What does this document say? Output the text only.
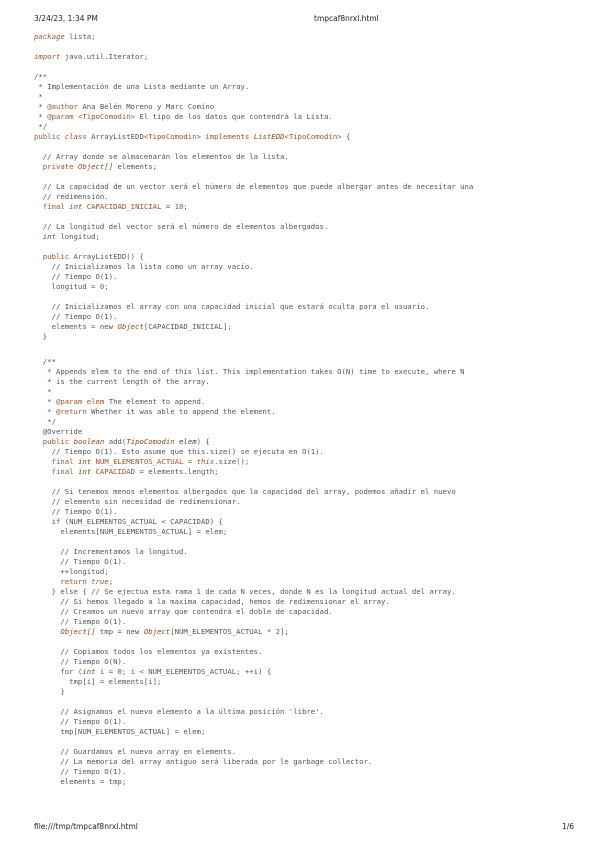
3/24/23, 1:34 PM	tmpcaf8nrxl.html
package lista;
import java.util.Iterator;
/**
* Implementación de una Lista mediante un Array.
*
* @author Ana Belén Moreno y Marc Comino
* @param <TipoComodin> El tipo de los datos que contendrá la Lista.
*/
public class ArrayListEDD<TipoComodin> implements ListEDD<TipoComodin> {
// Array donde se almacenarán los elementos de la lista.
private Object[] elements;
// La capacidad de un vector será el número de elementos que puede albergar antes de necesitar una
// redimensión.
final int CAPACIDAD_INICIAL = 10;
// La longitud del vector será el número de elementos albergados.
int longitud;
public ArrayListEDD() {
// Inicializamos la lista como un array vacío.
// Tiempo O(1).
longitud = 0;
// Inicializamos el array con una capacidad inicial que estará oculta para el usuario.
// Tiempo O(1).
elements = new Object[CAPACIDAD_INICIAL];
}
/**
* Appends elem to the end of this list. This implementation takes O(N) time to execute, where N
* is the current length of the array.
*
* @param elem The element to append.
* @return Whether it was able to append the element.
*/
@Override
public boolean add(TipoComodin elem) {
// Tiempo O(1). Esto asume que this.size() se ejecuta en O(1).
final int NUM_ELEMENTOS_ACTUAL = this.size();
final int CAPACIDAD = elements.length;
// Si tenemos menos elementos albergados que la capacidad del array, podemos añadir el nuevo
// elemento sin necesidad de redimensionar.
// Tiempo O(1).
if (NUM_ELEMENTOS_ACTUAL < CAPACIDAD) {
elements[NUM_ELEMENTOS_ACTUAL] = elem;
// Incrementamos la longitud.
// Tiempo O(1).
++longitud;
return true;
} else { // Se ejectua esta rama 1 de cada N veces, donde N es la longitud actual del array.
// Si hemos llegado a la maxima capacidad, hemos de redimensionar el array.
// Creamos un nuevo array que contendrá el doble de capacidad.
// Tiempo O(1).
Object[] tmp = new Object[NUM_ELEMENTOS_ACTUAL * 2];
// Copiamos todos los elementos ya existentes.
// Tiempo O(N).
for (int i = 0; i < NUM_ELEMENTOS_ACTUAL; ++i) {
tmp[i] = elements[i];
}
// Asignamos el nuevo elemento a la última posición 'libre'.
// Tiempo O(1).
tmp[NUM_ELEMENTOS_ACTUAL] = elem;
// Guardamos el nuevo array en elements.
// La memoria del array antiguo será liberada por le garbage collector.
// Tiempo O(1).
elements = tmp;
file:///tmp/tmpcaf8nrxl.html	1/6
